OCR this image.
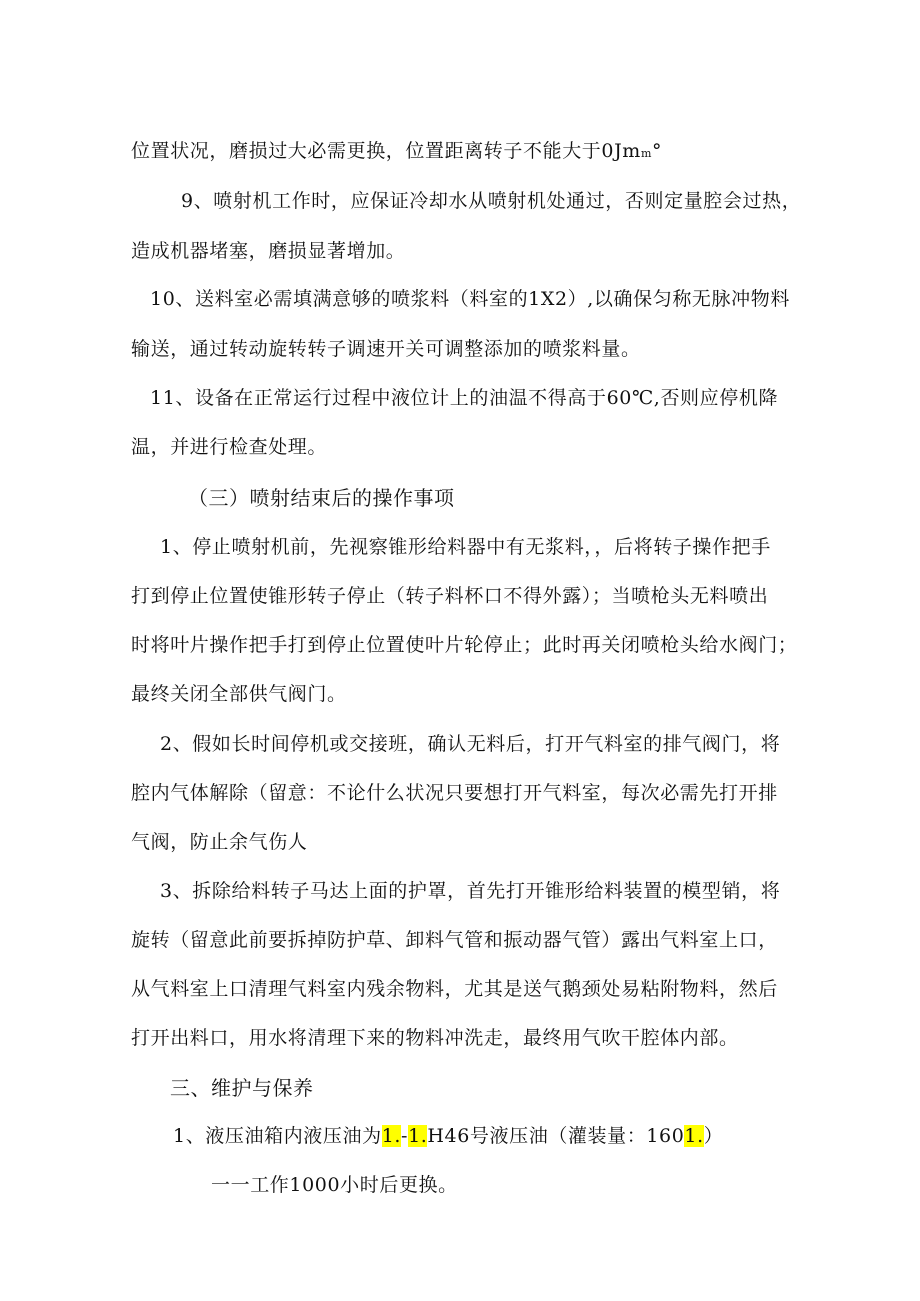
位置状况，磨损过大必需更换，位置距离转子不能大于0Jmm°
9、喷射机工作时，应保证冷却水从喷射机处通过，否则定量腔会过热，
造成机器堵塞，磨损显著增加。
10、送料室必需填满意够的喷浆料（料室的1X2）,以确保匀称无脉冲物料
输送，通过转动旋转转子调速开关可调整添加的喷浆料量。
11、设备在正常运行过程中液位计上的油温不得高于60℃,否则应停机降
温，并进行检查处理。
（三）喷射结束后的操作事项
1、停止喷射机前，先视察锥形给料器中有无浆料，，后将转子操作把手
打到停止位置使锥形转子停止（转子料杯口不得外露）；当喷枪头无料喷出
时将叶片操作把手打到停止位置使叶片轮停止；此时再关闭喷枪头给水阀门；
最终关闭全部供气阀门。
2、假如长时间停机或交接班，确认无料后，打开气料室的排气阀门，将
腔内气体解除（留意：不论什么状况只要想打开气料室，每次必需先打开排
气阀，防止余气伤人
3、拆除给料转子马达上面的护罩，首先打开锥形给料装置的模型销，将
旋转（留意此前要拆掉防护草、卸料气管和振动器气管）露出气料室上口，
从气料室上口清理气料室内残余物料，尤其是送气鹅颈处易粘附物料，然后
打开出料口，用水将清理下来的物料冲洗走，最终用气吹干腔体内部。
三、维护与保养
1、液压油箱内液压油为1.-1.H46号液压油（灌装量：1601.）
一一工作1000小时后更换。
